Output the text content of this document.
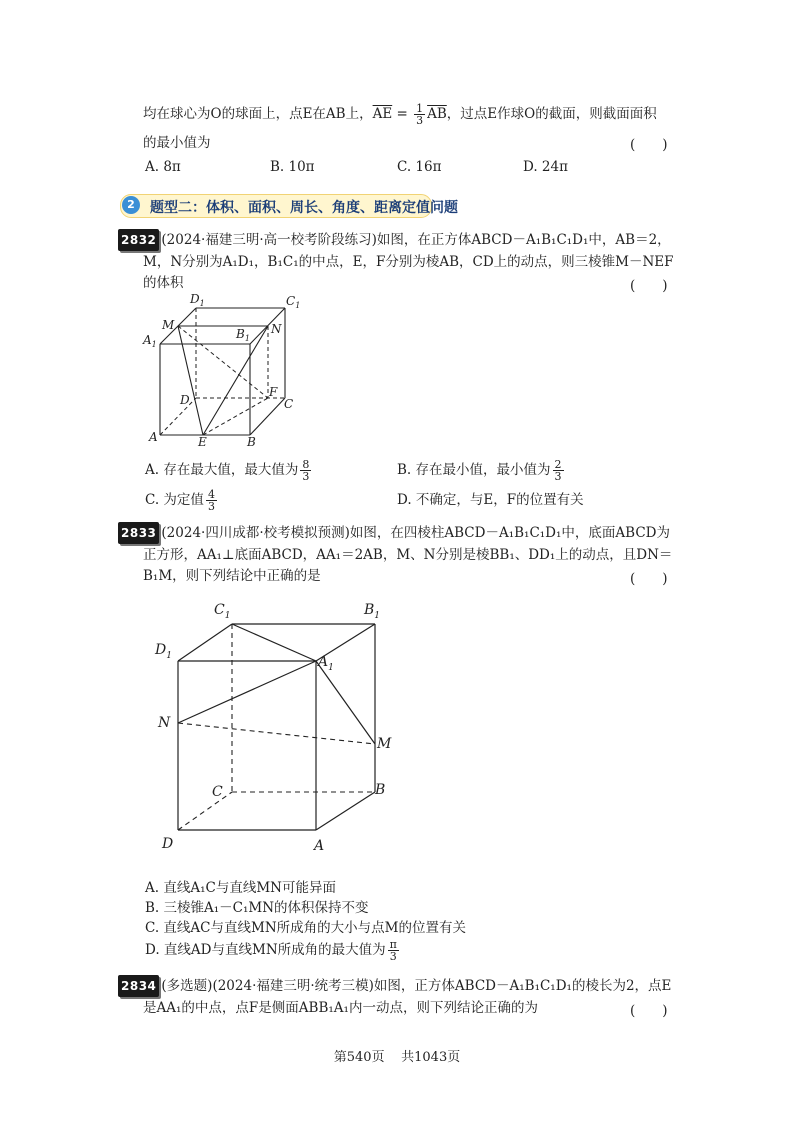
均在球心为O的球面上，点E在AB上，$\overline{AE} = \frac{1}{3} \overline{AB}$，过点E作球O的截面，则截面面积
的最小值为	(　　)
A. 8π	B. 10π	C. 16π	D. 24π
2	题型二：体积、面积、周长、角度、距离定值问题
2832 (2024·福建三明·高一校考阶段练习)如图，在正方体ABCD－A₁B₁C₁D₁中，AB＝2，
M，N分别为A₁D₁，B₁C₁的中点，E，F分别为棱AB，CD上的动点，则三棱锥M－NEF
的体积	(　　)
$D_1$	$C_1$
M
$A_1$
$B_1$
N
D
F
C
A	E	B
A. 存在最大值，最大值为 $\frac{8}{3}$	B. 存在最小值，最小值为 $\frac{2}{3}$
C. 为定值 $\frac{4}{3}$	D. 不确定，与E，F的位置有关
2833 (2024·四川成都·校考模拟预测)如图，在四棱柱ABCD－A₁B₁C₁D₁中，底面ABCD为
正方形，AA₁⊥底面ABCD，AA₁＝2AB，M、N分别是棱BB₁、DD₁上的动点，且DN＝
B₁M，则下列结论中正确的是	(　　)
$C_1$	$B_1$
$D_1$	$A_1$
N
M
C	B
D	A
A. 直线A₁C与直线MN可能异面
B. 三棱锥A₁－C₁MN的体积保持不变
C. 直线AC与直线MN所成角的大小与点M的位置有关
D. 直线AD与直线MN所成角的最大值为 $\frac{\pi}{3}$
2834 (多选题)(2024·福建三明·统考三模)如图，正方体ABCD－A₁B₁C₁D₁的棱长为2，点E
是AA₁的中点，点F是侧面ABB₁A₁内一动点，则下列结论正确的为	(　　)
第540页 共1043页
